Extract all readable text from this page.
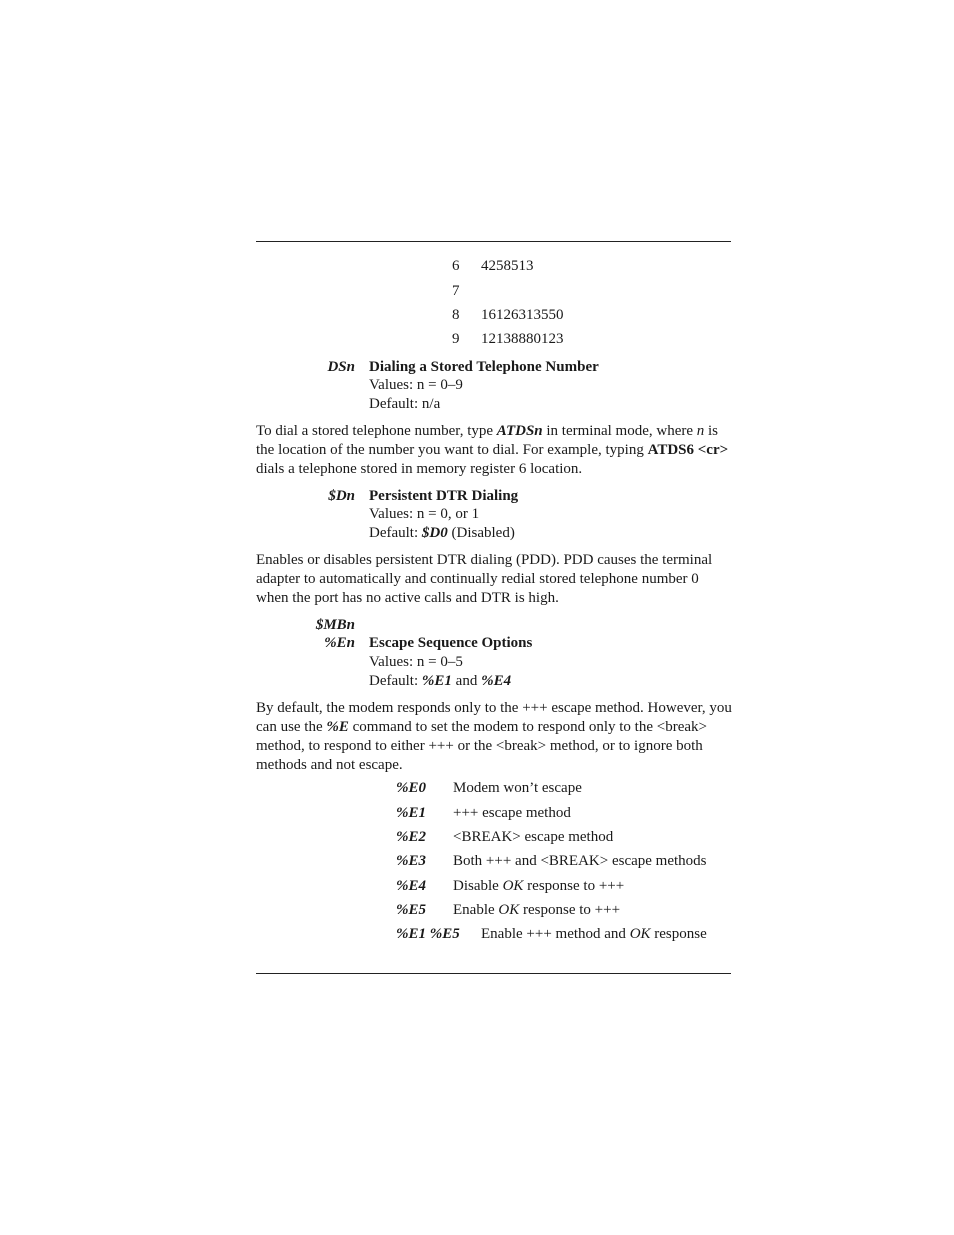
6 4258513
7
8 16126313550
9 12138880123
DSn Dialing a Stored Telephone Number
Values: n = 0–9
Default: n/a
To dial a stored telephone number, type ATDSn in terminal mode, where n is the location of the number you want to dial. For example, typing ATDS6 <cr> dials a telephone stored in memory register 6 location.
$Dn Persistent DTR Dialing
Values: n = 0, or 1
Default: $D0 (Disabled)
Enables or disables persistent DTR dialing (PDD). PDD causes the terminal adapter to automatically and continually redial stored telephone number 0 when the port has no active calls and DTR is high.
$MBn
%En Escape Sequence Options
Values: n = 0–5
Default: %E1 and %E4
By default, the modem responds only to the +++ escape method. However, you can use the %E command to set the modem to respond only to the <break> method, to respond to either +++ or the <break> method, or to ignore both methods and not escape.
%E0 Modem won’t escape
%E1 +++ escape method
%E2 <BREAK> escape method
%E3 Both +++ and <BREAK> escape methods
%E4 Disable OK response to +++
%E5 Enable OK response to +++
%E1 %E5 Enable +++ method and OK response
